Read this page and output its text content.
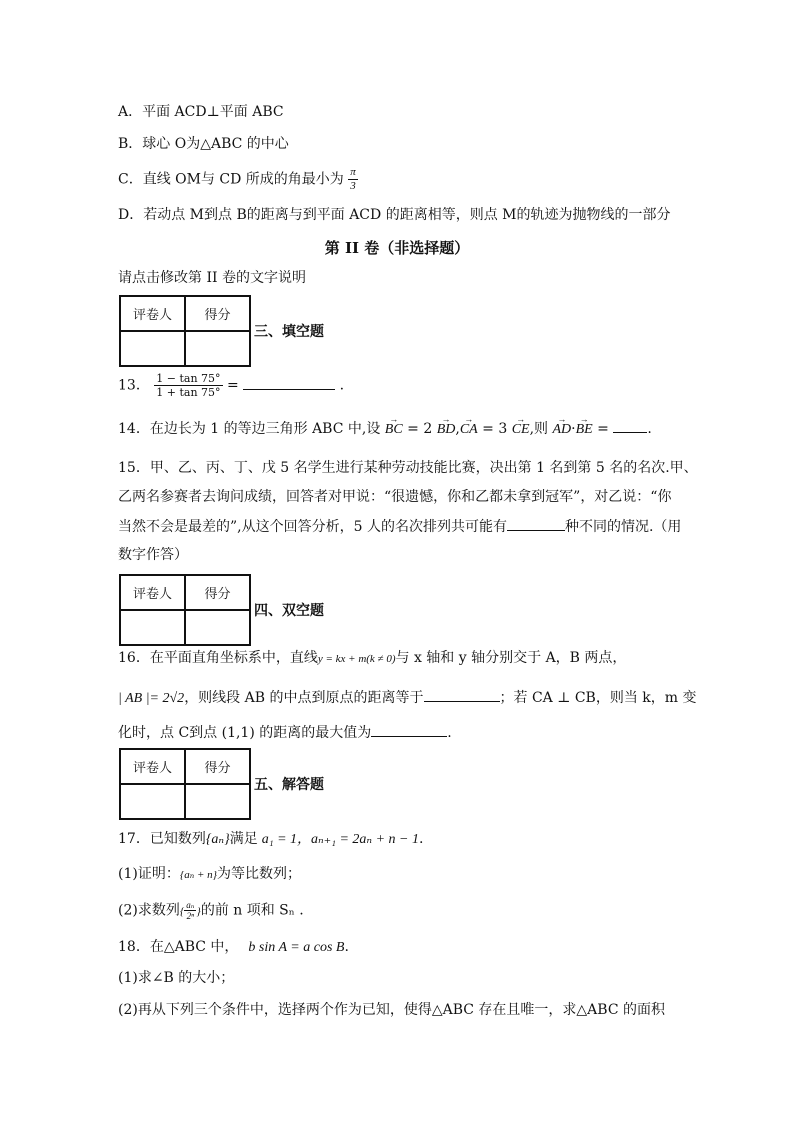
A．平面 ACD⊥平面 ABC
B．球心 O为△ABC 的中心
C．直线 OM与 CD 所成的角最小为 $\frac{\pi}{3}$
D．若动点 M到点 B的距离与到平面 ACD 的距离相等，则点 M的轨迹为抛物线的一部分
第 II 卷（非选择题）
请点击修改第 II 卷的文字说明
评卷人	得分

三、填空题
13． $\frac{1 - \tan 75^\circ}{1 + \tan 75^\circ}$ =	.
14．在边长为 1 的等边三角形 ABC 中,设 → BC = 2 → BD,→ CA = 3 → CE,则 → AD·→ BE = .
15．甲、乙、丙、丁、戊 5 名学生进行某种劳动技能比赛，决出第 1 名到第 5 名的名次.甲、
乙两名参赛者去询问成绩，回答者对甲说：“很遗憾，你和乙都未拿到冠军”，对乙说：“你
当然不会是最差的”,从这个回答分析，5 人的名次排列共可能有	种不同的情况.（用
数字作答）
评卷人	得分

四、双空题
16．在平面直角坐标系中，直线y = kx + m(k ≠ 0)与 x 轴和 y 轴分别交于 A，B 两点，
| AB |= 2√2，则线段 AB 的中点到原点的距离等于	；若 CA ⊥ CB，则当 k，m 变
化时，点 C到点 (1,1) 的距离的最大值为	.
评卷人	得分

五、解答题
17．已知数列{aₙ}满足 a₁ = 1，aₙ₊₁ = 2aₙ + n − 1.
(1)证明：{aₙ + n}为等比数列；
(2)求数列{ $\frac{\text{aₙ}}{\text{2ⁿ}}$ }的前 n 项和 Sₙ .
18．在△ABC 中， b sin A = a cos B.
(1)求∠B 的大小；
(2)再从下列三个条件中，选择两个作为已知，使得△ABC 存在且唯一，求△ABC 的面积
